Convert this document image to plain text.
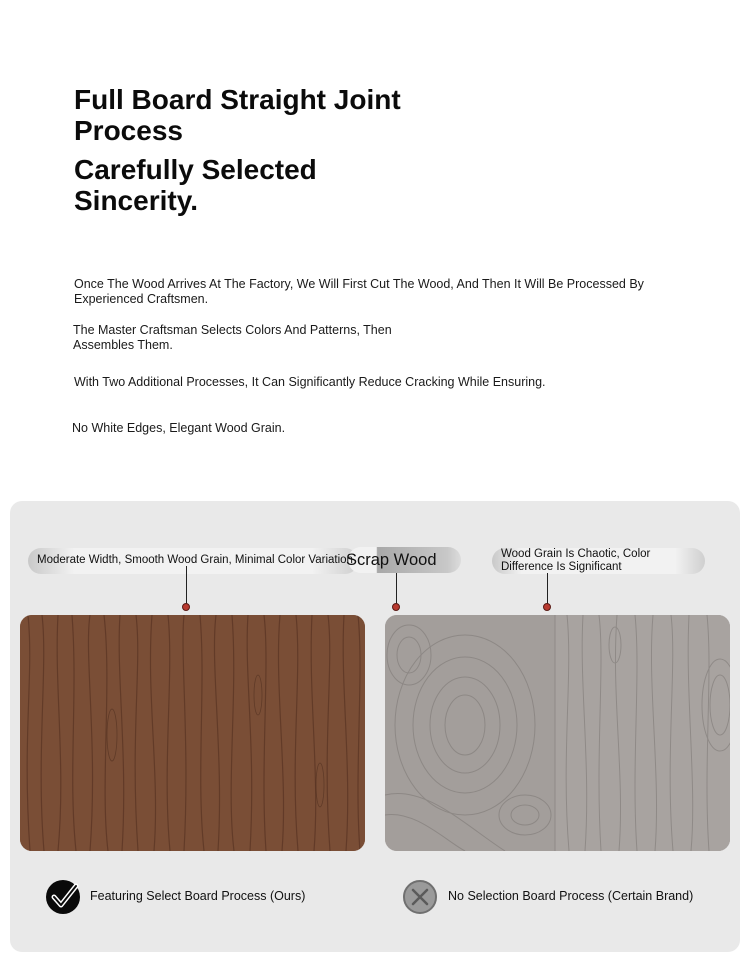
Full Board Straight Joint Process
Carefully Selected Sincerity.

Once The Wood Arrives At The Factory, We Will First Cut The Wood, And Then It Will Be Processed By Experienced Craftsmen.

The Master Craftsman Selects Colors And Patterns, Then Assembles Them.

With Two Additional Processes, It Can Significantly Reduce Cracking While Ensuring.

No White Edges, Elegant Wood Grain.

Moderate Width, Smooth Wood Grain, Minimal Color Variation

Scrap Wood	Wood Grain Is Chaotic, Color Difference Is Significant

Featuring Select Board Process (Ours)	No Selection Board Process (Certain Brand)
